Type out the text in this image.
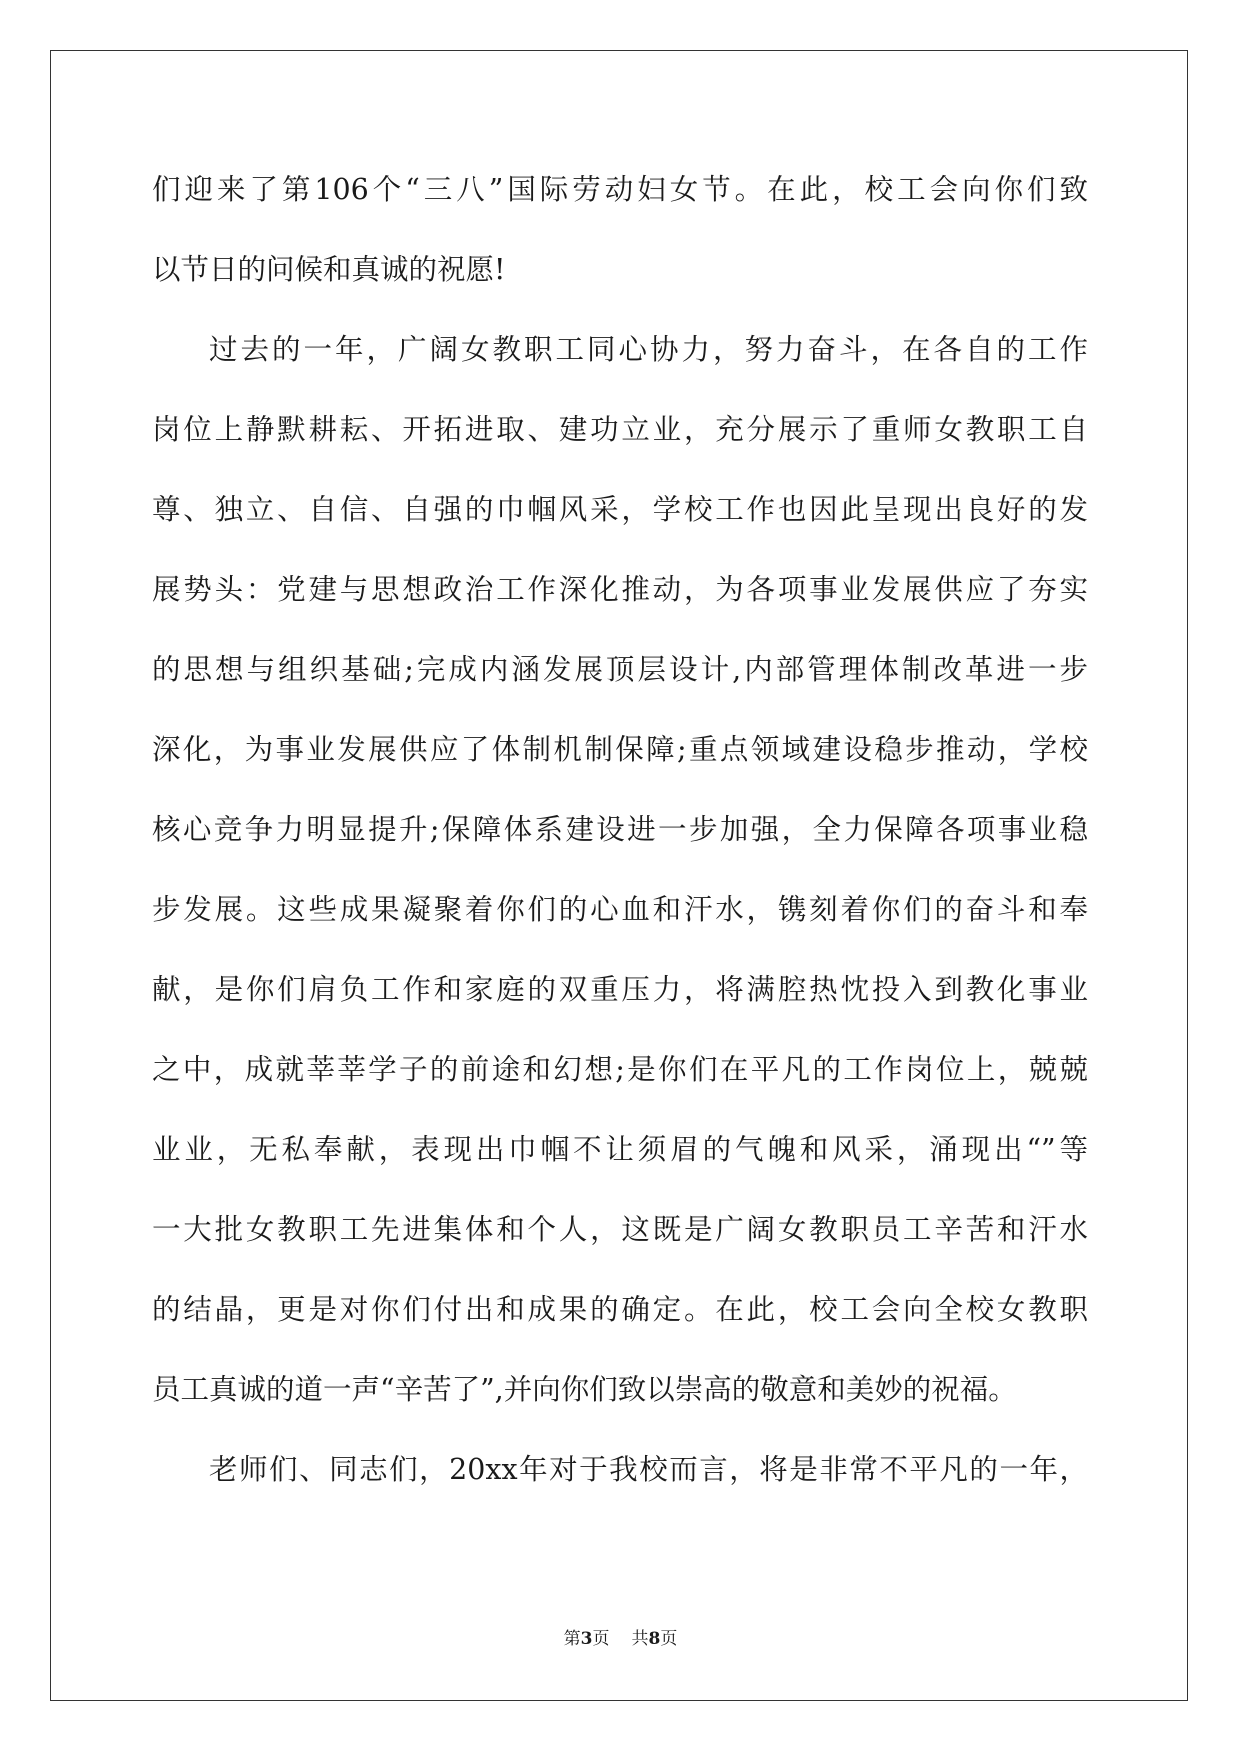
们迎来了第106个“三八”国际劳动妇女节。在此，校工会向你们致
以节日的问候和真诚的祝愿!
过去的一年，广阔女教职工同心协力，努力奋斗，在各自的工作
岗位上静默耕耘、开拓进取、建功立业，充分展示了重师女教职工自
尊、独立、自信、自强的巾帼风采，学校工作也因此呈现出良好的发
展势头：党建与思想政治工作深化推动，为各项事业发展供应了夯实
的思想与组织基础;完成内涵发展顶层设计,内部管理体制改革进一步
深化，为事业发展供应了体制机制保障;重点领域建设稳步推动，学校
核心竞争力明显提升;保障体系建设进一步加强，全力保障各项事业稳
步发展。这些成果凝聚着你们的心血和汗水，镌刻着你们的奋斗和奉
献，是你们肩负工作和家庭的双重压力，将满腔热忱投入到教化事业
之中，成就莘莘学子的前途和幻想;是你们在平凡的工作岗位上，兢兢
业业，无私奉献，表现出巾帼不让须眉的气魄和风采，涌现出“”等
一大批女教职工先进集体和个人，这既是广阔女教职员工辛苦和汗水
的结晶，更是对你们付出和成果的确定。在此，校工会向全校女教职
员工真诚的道一声“辛苦了”,并向你们致以崇高的敬意和美妙的祝福。
老师们、同志们，20xx年对于我校而言，将是非常不平凡的一年，
第3页 共8页
